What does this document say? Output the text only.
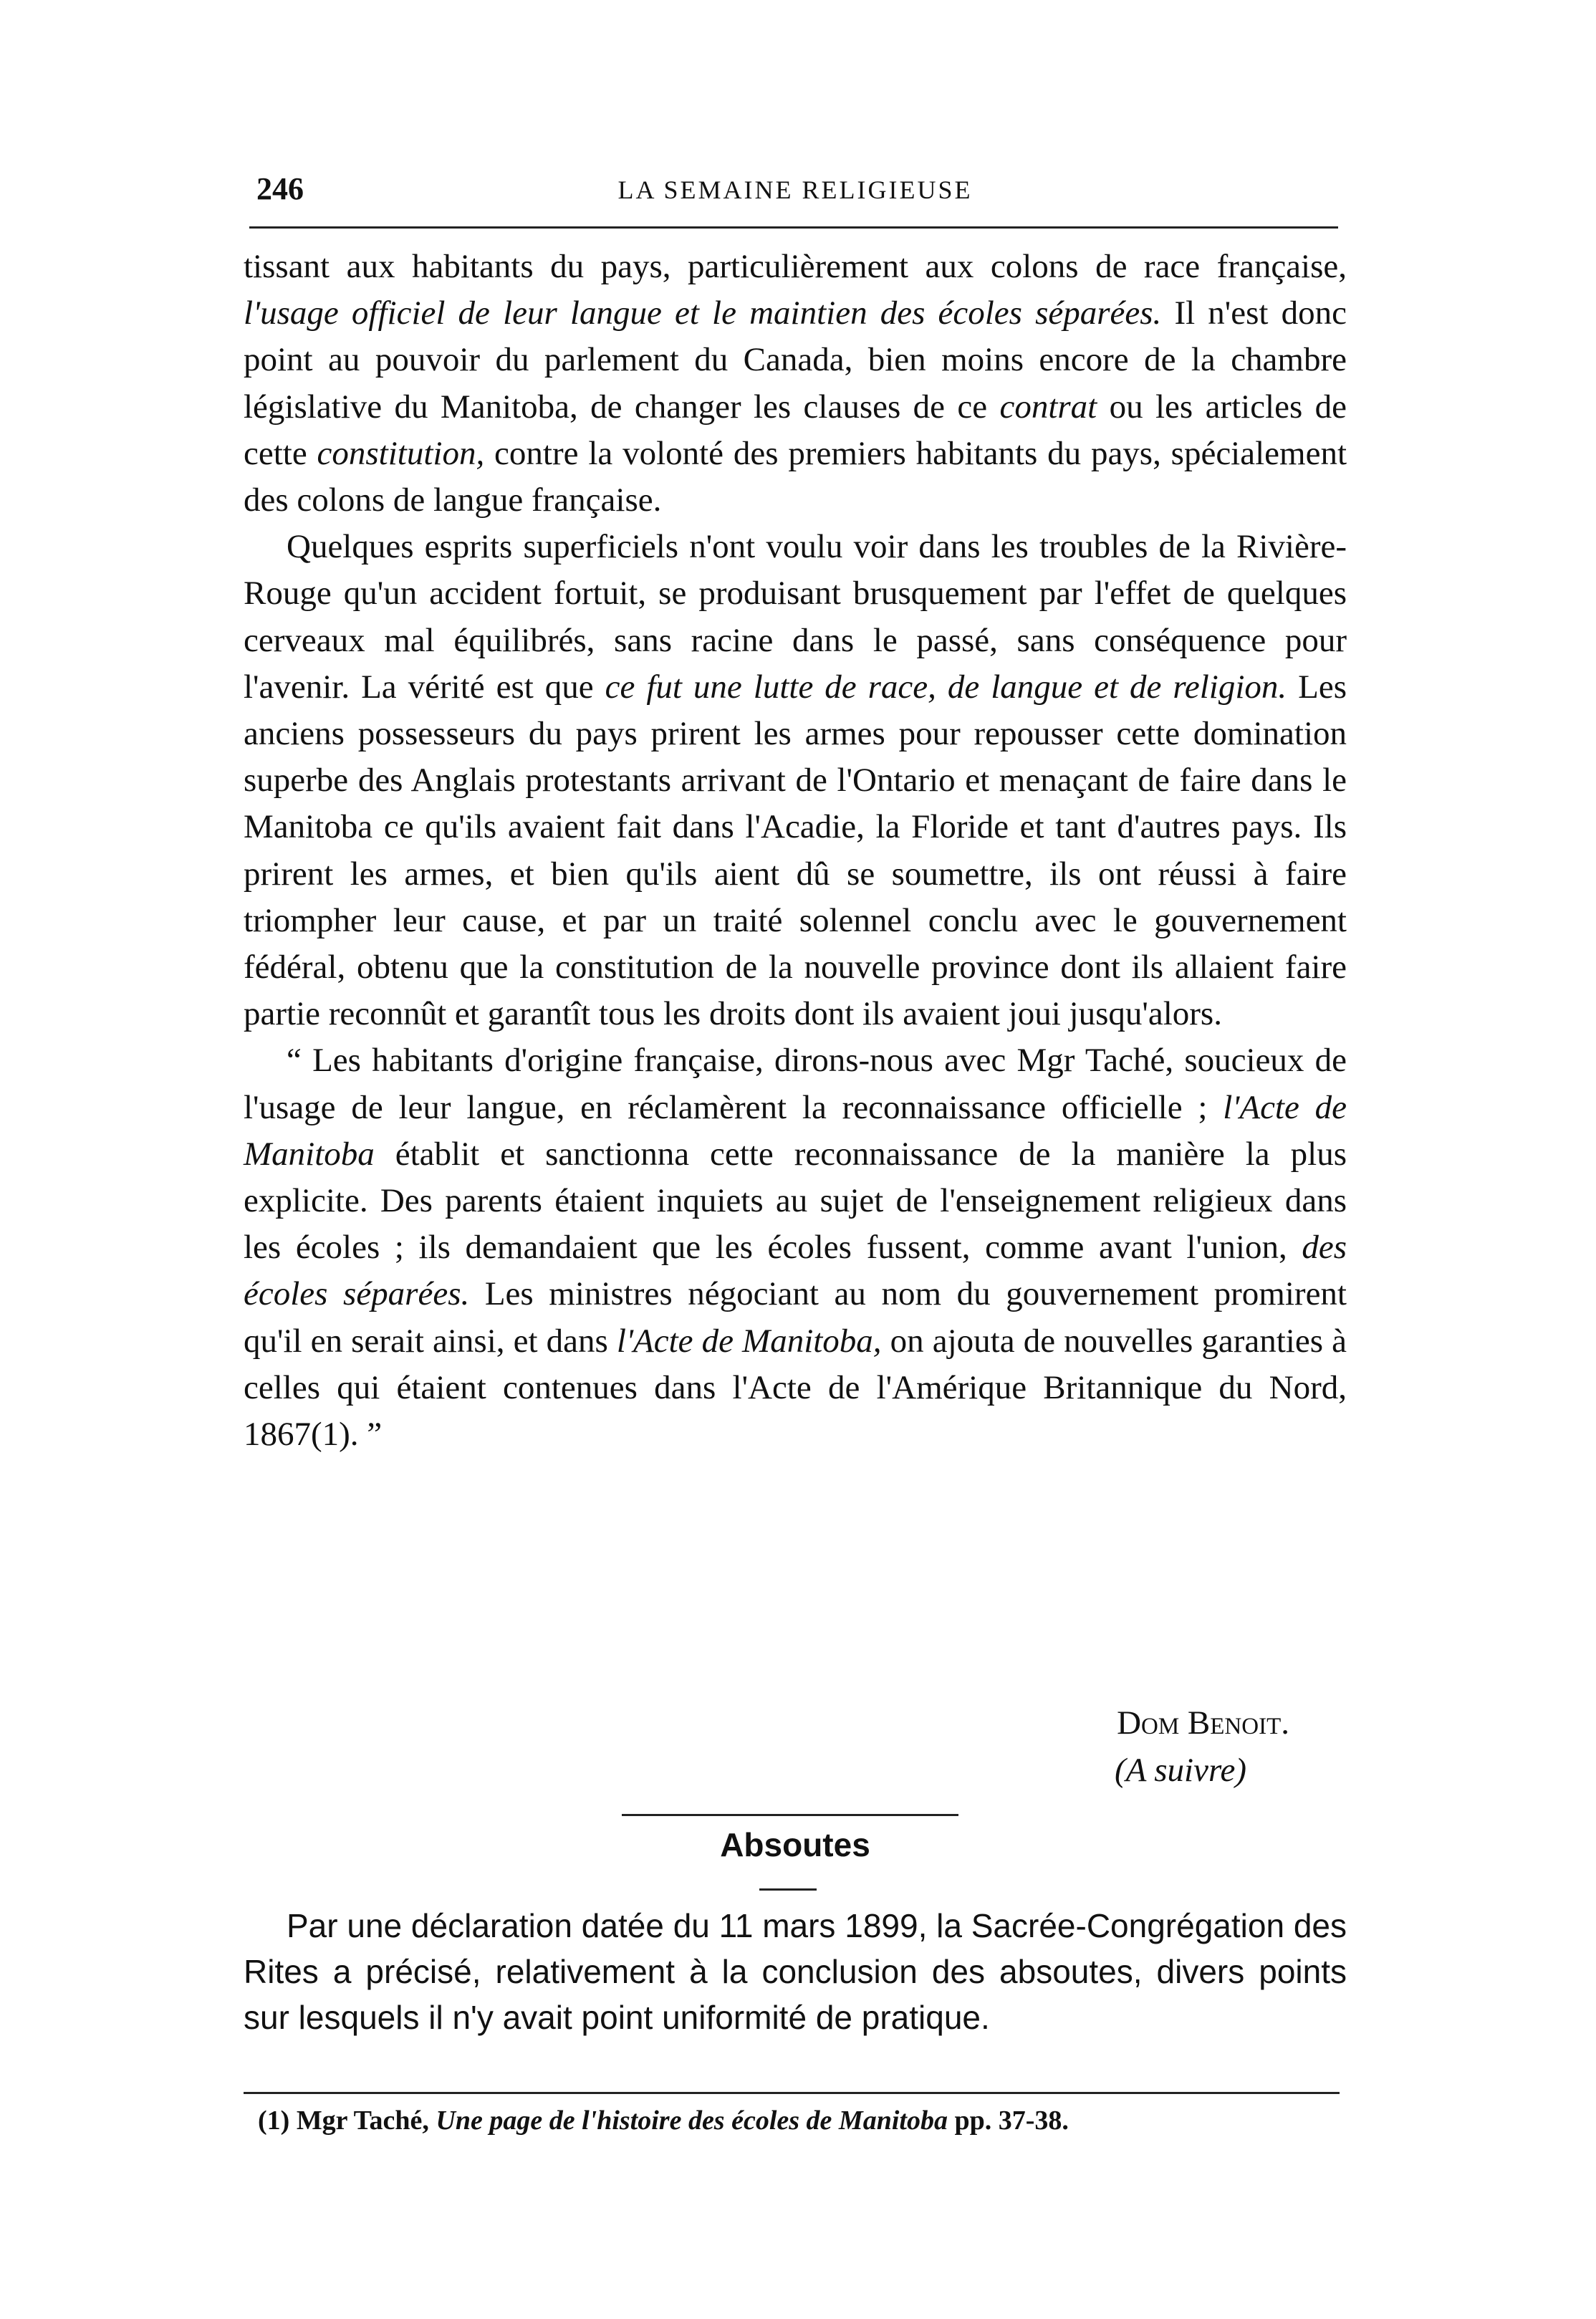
246	LA SEMAINE RELIGIEUSE

tissant aux habitants du pays, particulièrement aux colons de race française, l'usage officiel de leur langue et le maintien des écoles séparées. Il n'est donc point au pouvoir du parlement du Canada, bien moins encore de la chambre législative du Manitoba, de changer les clauses de ce contrat ou les articles de cette constitution, contre la volonté des premiers habitants du pays, spécialement des colons de langue française.

Quelques esprits superficiels n'ont voulu voir dans les troubles de la Rivière-Rouge qu'un accident fortuit, se produisant brusquement par l'effet de quelques cerveaux mal équilibrés, sans racine dans le passé, sans conséquence pour l'avenir. La vérité est que ce fut une lutte de race, de langue et de religion. Les anciens possesseurs du pays prirent les armes pour repousser cette domination superbe des Anglais protestants arrivant de l'Ontario et menaçant de faire dans le Manitoba ce qu'ils avaient fait dans l'Acadie, la Floride et tant d'autres pays. Ils prirent les armes, et bien qu'ils aient dû se soumettre, ils ont réussi à faire triompher leur cause, et par un traité solennel conclu avec le gouvernement fédéral, obtenu que la constitution de la nouvelle province dont ils allaient faire partie reconnût et garantît tous les droits dont ils avaient joui jusqu'alors.

“ Les habitants d'origine française, dirons-nous avec Mgr Taché, soucieux de l'usage de leur langue, en réclamèrent la reconnaissance officielle ; l'Acte de Manitoba établit et sanctionna cette reconnaissance de la manière la plus explicite. Des parents étaient inquiets au sujet de l'enseignement religieux dans les écoles ; ils demandaient que les écoles fussent, comme avant l'union, des écoles séparées. Les ministres négociant au nom du gouvernement promirent qu'il en serait ainsi, et dans l'Acte de Manitoba, on ajouta de nouvelles garanties à celles qui étaient contenues dans l'Acte de l'Amérique Britannique du Nord, 1867(1). ”

Dom Benoit.
(A suivre)
Absoutes

Par une déclaration datée du 11 mars 1899, la Sacrée-Congrégation des Rites a précisé, relativement à la conclusion des absoutes, divers points sur lesquels il n'y avait point uniformité de pratique.

(1) Mgr Taché, Une page de l'histoire des écoles de Manitoba pp. 37-38.
